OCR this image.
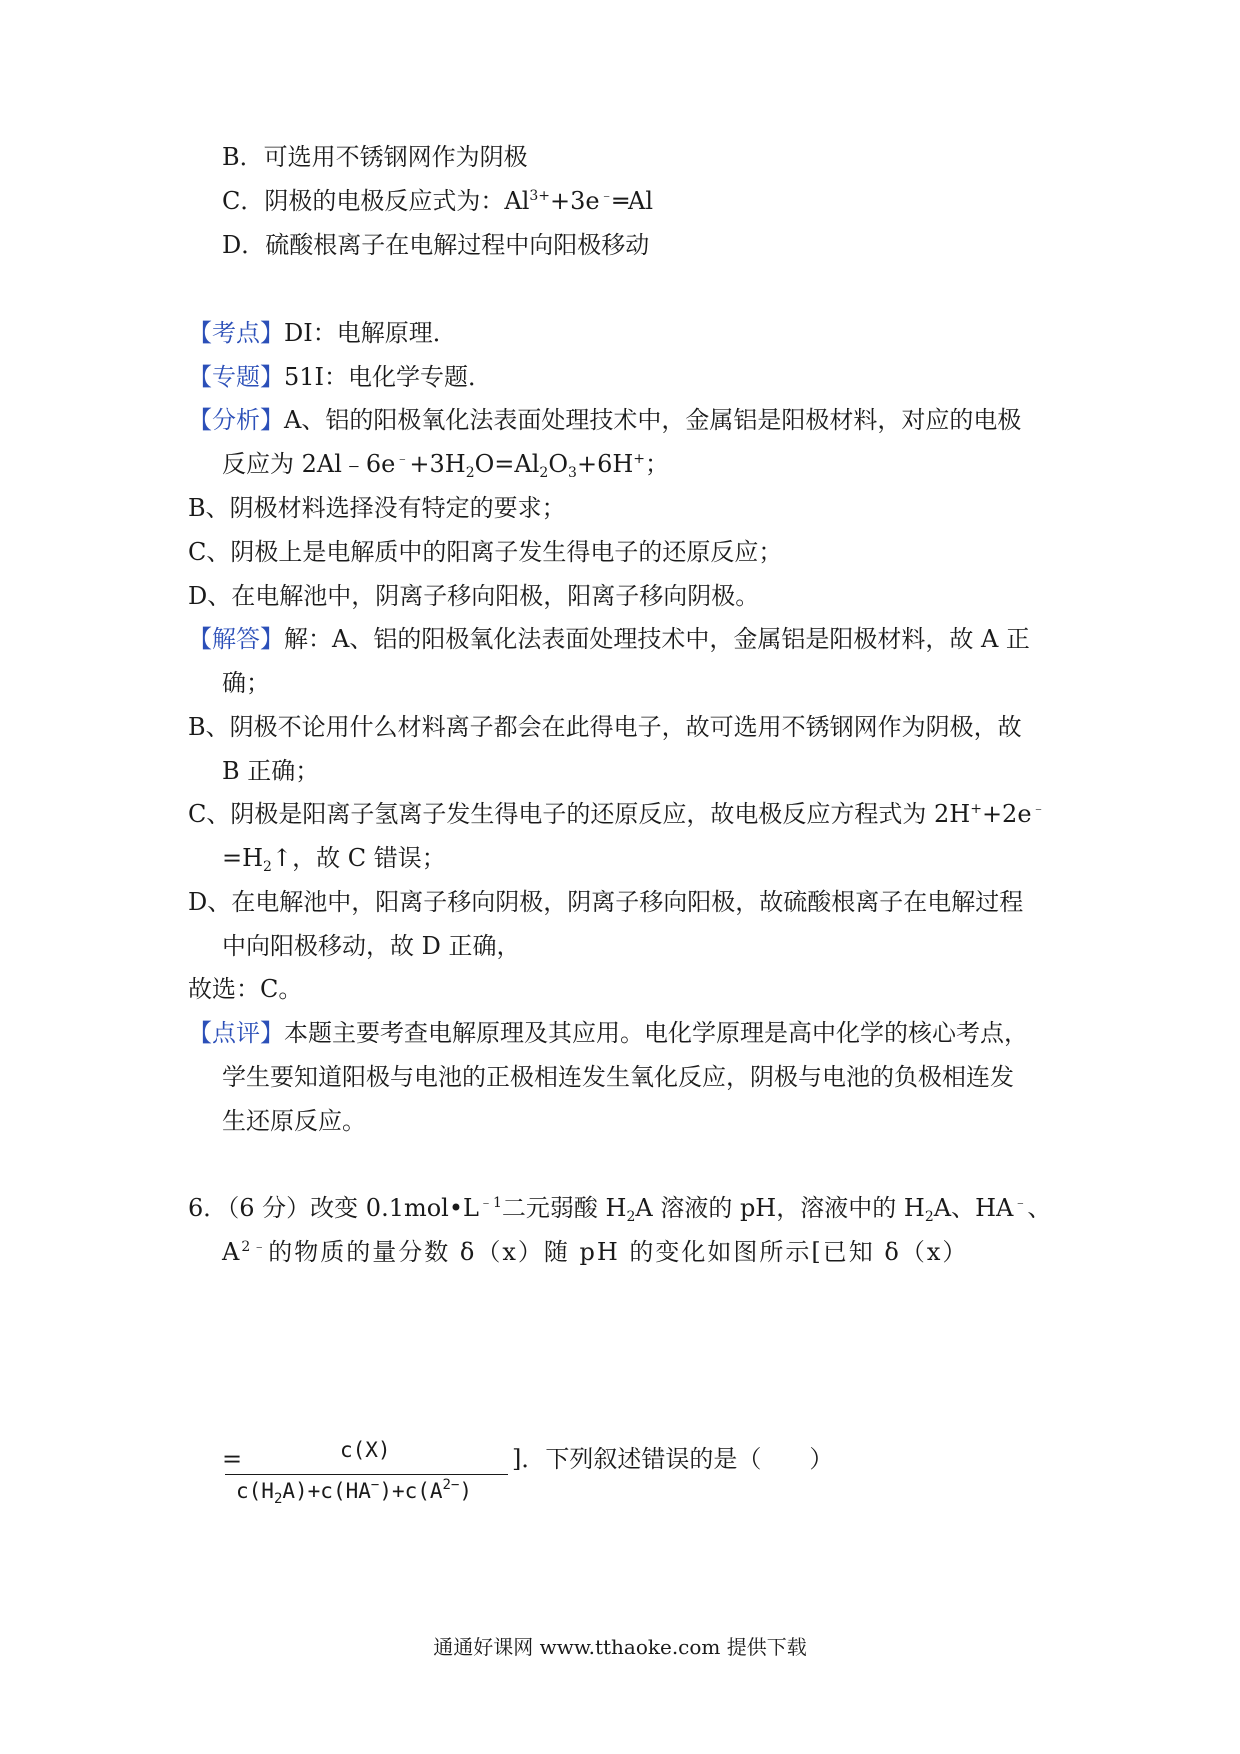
B．可选用不锈钢网作为阴极
C．阴极的电极反应式为：$Al^{3+}+3e^﹣═Al$
D．硫酸根离子在电解过程中向阳极移动
【考点】DI：电解原理．
【专题】51I：电化学专题．
【分析】A、铝的阳极氧化法表面处理技术中，金属铝是阳极材料，对应的电极
反应为 $2Al﹣6e^﹣+3H_2O=Al_2O_3+6H^+$；
B、阴极材料选择没有特定的要求；
C、阴极上是电解质中的阳离子发生得电子的还原反应；
D、在电解池中，阴离子移向阳极，阳离子移向阴极。
【解答】解：A、铝的阳极氧化法表面处理技术中，金属铝是阳极材料，故 A 正
确；
B、阴极不论用什么材料离子都会在此得电子，故可选用不锈钢网作为阴极，故
B 正确；
C、阴极是阳离子氢离子发生得电子的还原反应，故电极反应方程式为 2H++2e﹣
$=H_2↑$，故 C 错误；
D、在电解池中，阳离子移向阴极，阴离子移向阳极，故硫酸根离子在电解过程
中向阳极移动，故 D 正确，
故选：C。
【点评】本题主要考查电解原理及其应用。电化学原理是高中化学的核心考点，
学生要知道阳极与电池的正极相连发生氧化反应，阴极与电池的负极相连发
生还原反应。
6．（6 分）改变 $0.1mol•L^{﹣1}$二元弱酸 $H_2A$ 溶液的 pH，溶液中的 $H_2A$、HA﹣、
$A^{2﹣}$的物质的量分数 δ（x）随 pH 的变化如图所示[已知 δ（x）
=	c(X)
$c(H_2A)+c(HA^-)+c(A^{2-})$
]．下列叙述错误的是（　　）
通通好课网 www.tthaoke.com 提供下载
